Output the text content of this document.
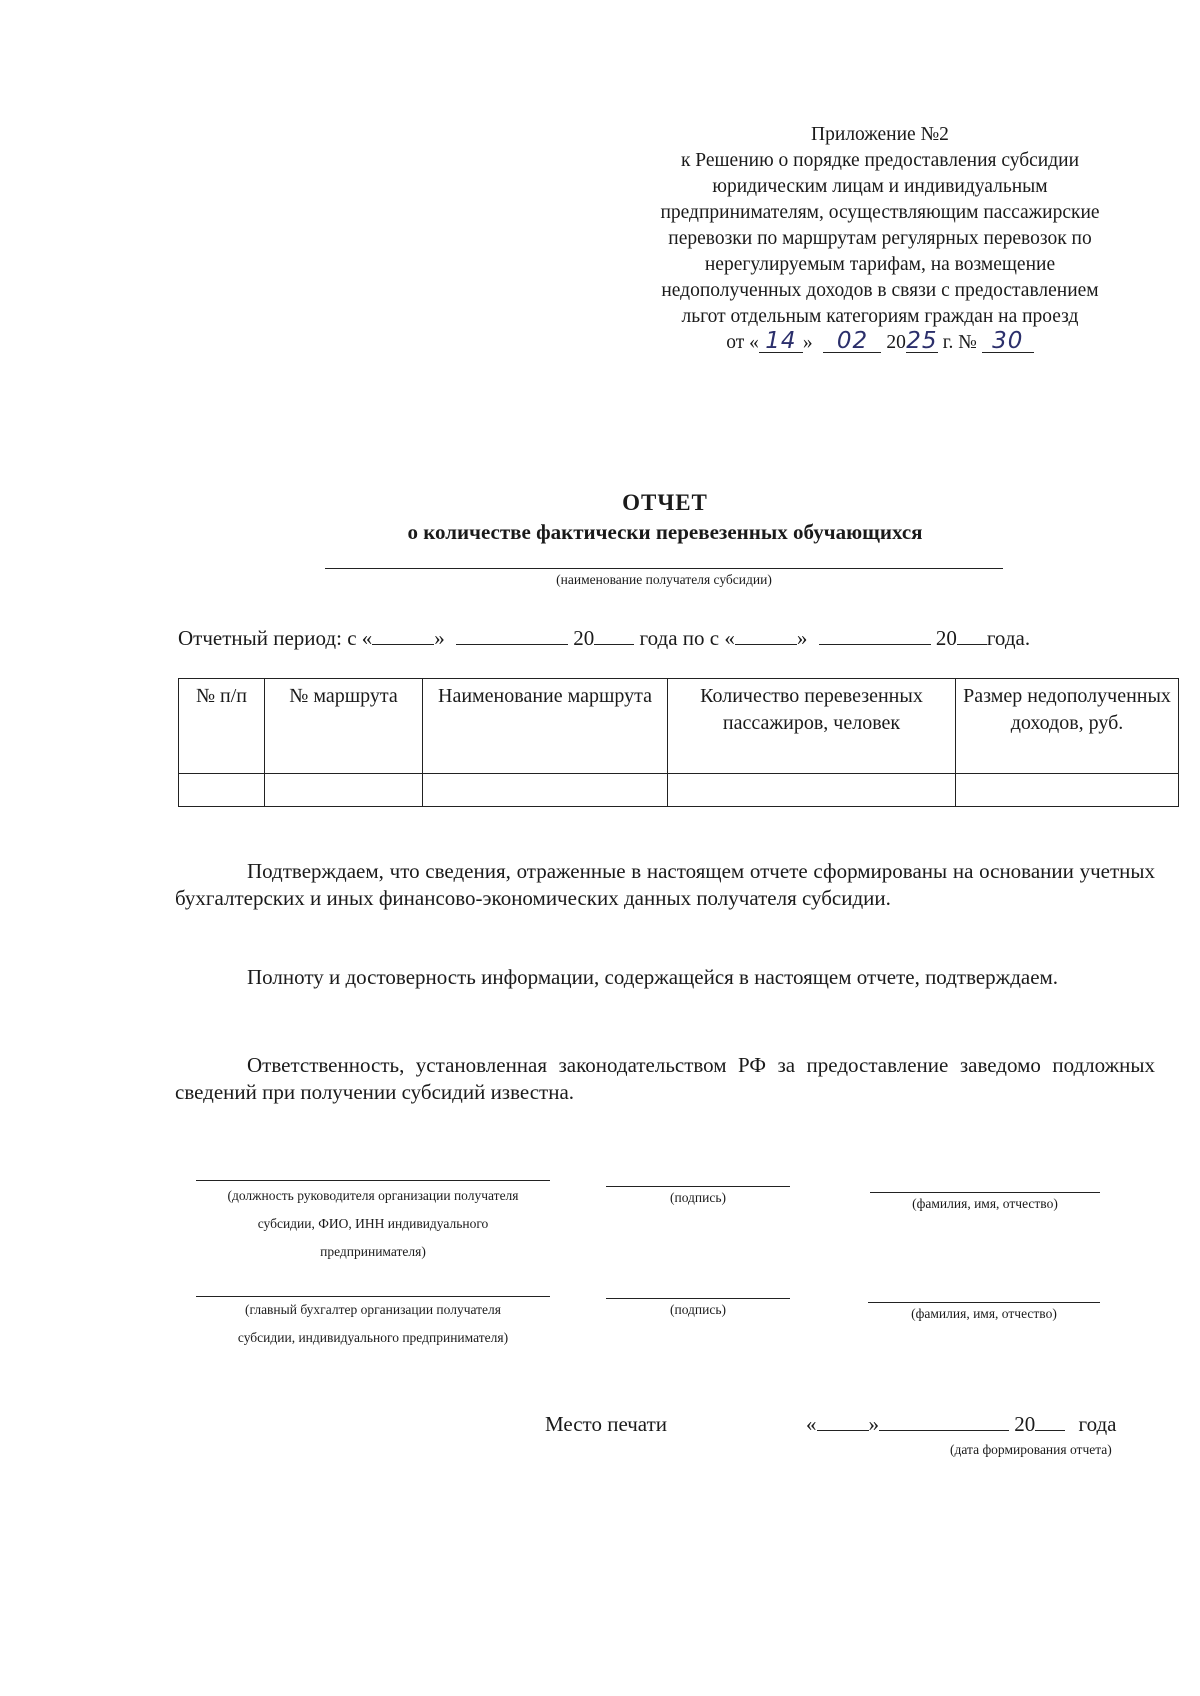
Приложение №2
к Решению о порядке предоставления субсидии
юридическим лицам и индивидуальным
предпринимателям, осуществляющим пассажирские
перевозки по маршрутам регулярных перевозок по
нерегулируемым тарифам, на возмещение
недополученных доходов в связи с предоставлением
льгот отдельным категориям граждан на проезд
от « 14 » 02 2025 г. № 30
ОТЧЕТ
о количестве фактически перевезенных обучающихся
(наименование получателя субсидии)
Отчетный период: с «	»	20 года по с «	»	20 года.
№ п/п	№ маршрута	Наименование маршрута	Количество перевезенных пассажиров, человек	Размер недополученных доходов, руб.

Подтверждаем, что сведения, отраженные в настоящем отчете сформированы на основании учетных бухгалтерских и иных финансово-экономических данных получателя субсидии.
Полноту и достоверность информации, содержащейся в настоящем отчете, подтверждаем.
Ответственность, установленная законодательством РФ за предоставление заведомо подложных сведений при получении субсидий известна.
(должность руководителя организации получателя
субсидии, ФИО, ИНН индивидуального
предпринимателя)
(подпись)	(фамилия, имя, отчество)
(главный бухгалтер организации получателя
субсидии, индивидуального предпринимателя)
(подпись)	(фамилия, имя, отчество)
Место печати	« »	20 года
(дата формирования отчета)
